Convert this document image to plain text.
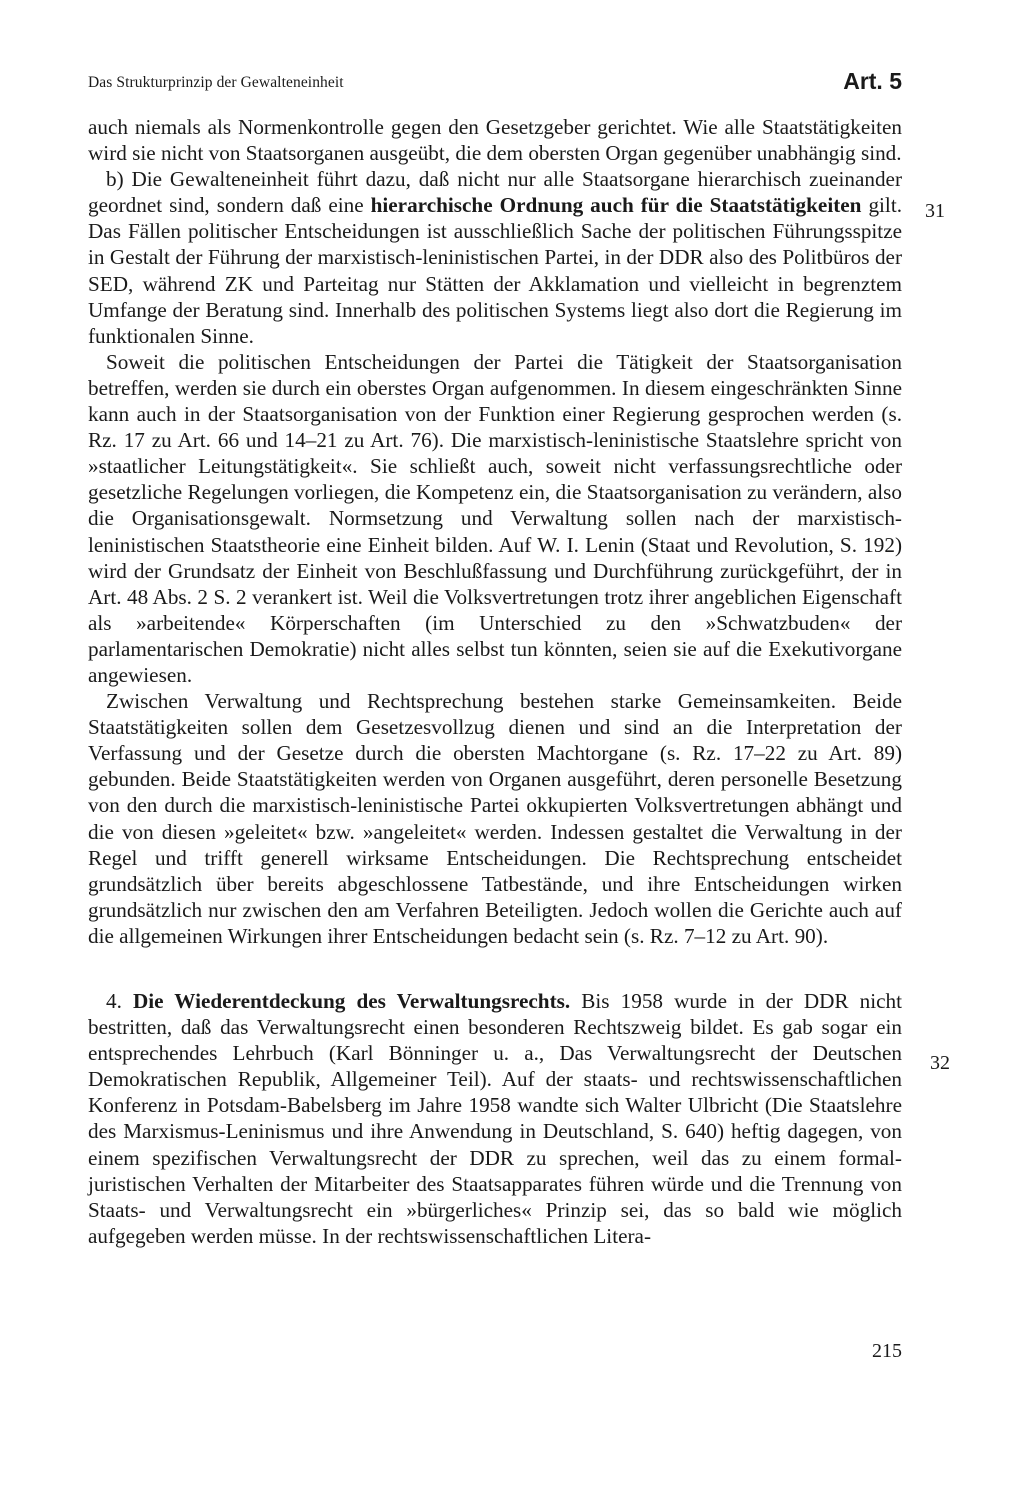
Das Strukturprinzip der Gewalteneinheit	Art. 5
31
32

auch niemals als Normenkontrolle gegen den Gesetzgeber gerichtet. Wie alle Staatstätigkeiten wird sie nicht von Staatsorganen ausgeübt, die dem obersten Organ gegenüber unabhängig sind.

b) Die Gewalteneinheit führt dazu, daß nicht nur alle Staatsorgane hierarchisch zueinander geordnet sind, sondern daß eine hierarchische Ordnung auch für die Staatstätigkeiten gilt. Das Fällen politischer Entscheidungen ist ausschließlich Sache der politischen Führungsspitze in Gestalt der Führung der marxistisch-leninistischen Partei, in der DDR also des Politbüros der SED, während ZK und Parteitag nur Stätten der Akklamation und vielleicht in begrenztem Umfange der Beratung sind. Innerhalb des politischen Systems liegt also dort die Regierung im funktionalen Sinne.

Soweit die politischen Entscheidungen der Partei die Tätigkeit der Staatsorganisation betreffen, werden sie durch ein oberstes Organ aufgenommen. In diesem eingeschränkten Sinne kann auch in der Staatsorganisation von der Funktion einer Regierung gesprochen werden (s. Rz. 17 zu Art. 66 und 14–21 zu Art. 76). Die marxistisch-leninistische Staatslehre spricht von »staatlicher Leitungstätigkeit«. Sie schließt auch, soweit nicht verfassungsrechtliche oder gesetzliche Regelungen vorliegen, die Kompetenz ein, die Staatsorganisation zu verändern, also die Organisationsgewalt. Normsetzung und Verwaltung sollen nach der marxistisch-leninistischen Staatstheorie eine Einheit bilden. Auf W. I. Lenin (Staat und Revolution, S. 192) wird der Grundsatz der Einheit von Beschlußfassung und Durchführung zurückgeführt, der in Art. 48 Abs. 2 S. 2 verankert ist. Weil die Volksvertretungen trotz ihrer angeblichen Eigenschaft als »arbeitende« Körperschaften (im Unterschied zu den »Schwatzbuden« der parlamentarischen Demokratie) nicht alles selbst tun könnten, seien sie auf die Exekutivorgane angewiesen.

Zwischen Verwaltung und Rechtsprechung bestehen starke Gemeinsamkeiten. Beide Staatstätigkeiten sollen dem Gesetzesvollzug dienen und sind an die Interpretation der Verfassung und der Gesetze durch die obersten Machtorgane (s. Rz. 17–22 zu Art. 89) gebunden. Beide Staatstätigkeiten werden von Organen ausgeführt, deren personelle Besetzung von den durch die marxistisch-leninistische Partei okkupierten Volksvertretungen abhängt und die von diesen »geleitet« bzw. »angeleitet« werden. Indessen gestaltet die Verwaltung in der Regel und trifft generell wirksame Entscheidungen. Die Rechtsprechung entscheidet grundsätzlich über bereits abgeschlossene Tatbestände, und ihre Entscheidungen wirken grundsätzlich nur zwischen den am Verfahren Beteiligten. Jedoch wollen die Gerichte auch auf die allgemeinen Wirkungen ihrer Entscheidungen bedacht sein (s. Rz. 7–12 zu Art. 90).

4. Die Wiederentdeckung des Verwaltungsrechts. Bis 1958 wurde in der DDR nicht bestritten, daß das Verwaltungsrecht einen besonderen Rechtszweig bildet. Es gab sogar ein entsprechendes Lehrbuch (Karl Bönninger u. a., Das Verwaltungsrecht der Deutschen Demokratischen Republik, Allgemeiner Teil). Auf der staats- und rechtswissenschaftlichen Konferenz in Potsdam-Babelsberg im Jahre 1958 wandte sich Walter Ulbricht (Die Staatslehre des Marxismus-Leninismus und ihre Anwendung in Deutschland, S. 640) heftig dagegen, von einem spezifischen Verwaltungsrecht der DDR zu sprechen, weil das zu einem formal-juristischen Verhalten der Mitarbeiter des Staatsapparates führen würde und die Trennung von Staats- und Verwaltungsrecht ein »bürgerliches« Prinzip sei, das so bald wie möglich aufgegeben werden müsse. In der rechtswissenschaftlichen Litera-

215
